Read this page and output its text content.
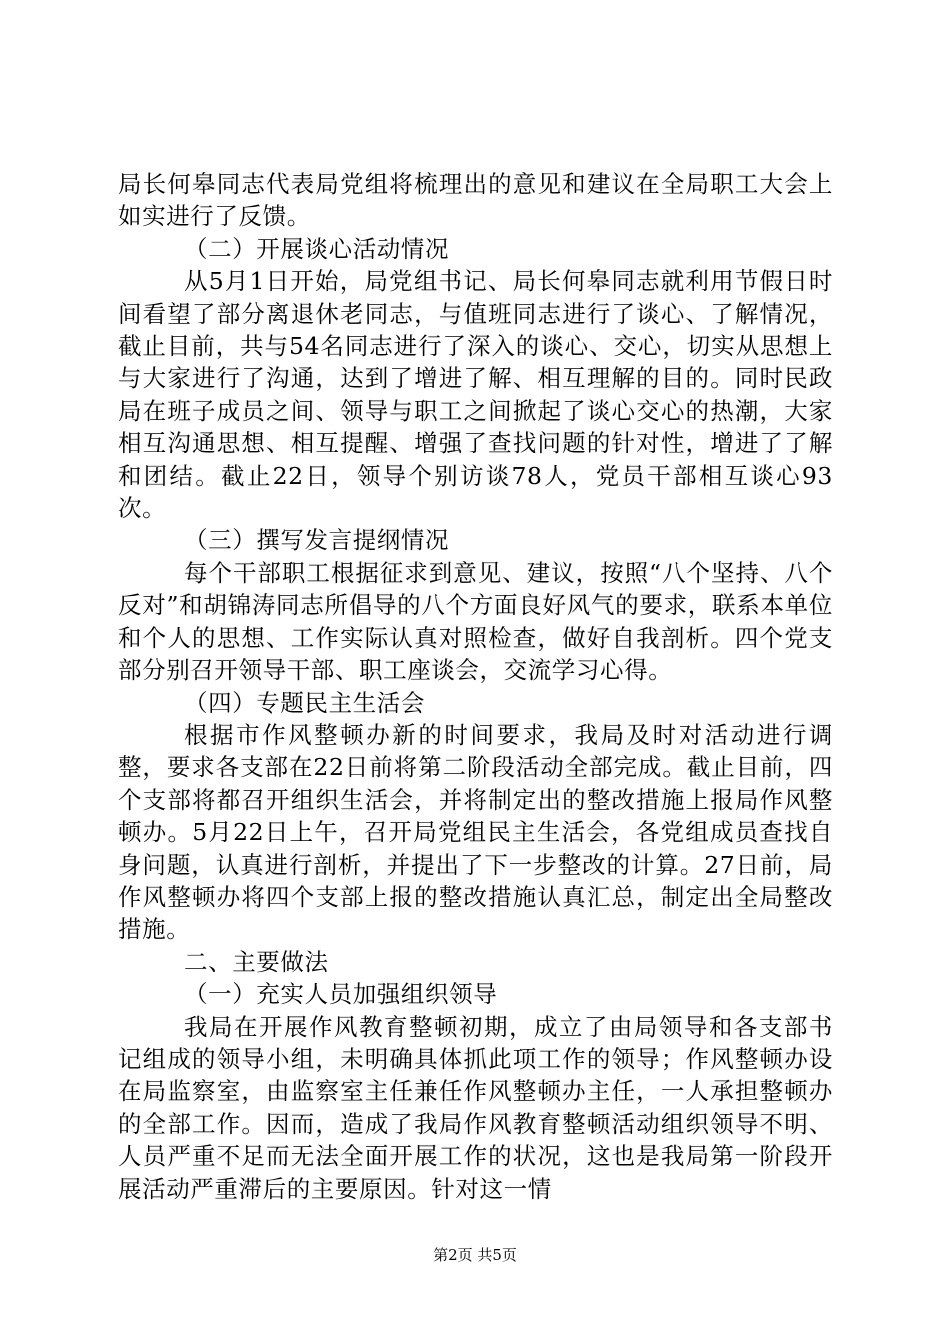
局长何皋同志代表局党组将梳理出的意见和建议在全局职工大会上如实进行了反馈。

（二）开展谈心活动情况

从5月1日开始，局党组书记、局长何皋同志就利用节假日时间看望了部分离退休老同志，与值班同志进行了谈心、了解情况，截止目前，共与54名同志进行了深入的谈心、交心，切实从思想上与大家进行了沟通，达到了增进了解、相互理解的目的。同时民政局在班子成员之间、领导与职工之间掀起了谈心交心的热潮，大家相互沟通思想、相互提醒、增强了查找问题的针对性，增进了了解和团结。截止22日，领导个别访谈78人，党员干部相互谈心93次。

（三）撰写发言提纲情况

每个干部职工根据征求到意见、建议，按照“八个坚持、八个反对”和胡锦涛同志所倡导的八个方面良好风气的要求，联系本单位和个人的思想、工作实际认真对照检查，做好自我剖析。四个党支部分别召开领导干部、职工座谈会，交流学习心得。

（四）专题民主生活会

根据市作风整顿办新的时间要求，我局及时对活动进行调整，要求各支部在22日前将第二阶段活动全部完成。截止目前，四个支部将都召开组织生活会，并将制定出的整改措施上报局作风整顿办。5月22日上午，召开局党组民主生活会，各党组成员查找自身问题，认真进行剖析，并提出了下一步整改的计算。27日前，局作风整顿办将四个支部上报的整改措施认真汇总，制定出全局整改措施。

二、主要做法

（一）充实人员加强组织领导

我局在开展作风教育整顿初期，成立了由局领导和各支部书记组成的领导小组，未明确具体抓此项工作的领导；作风整顿办设在局监察室，由监察室主任兼任作风整顿办主任，一人承担整顿办的全部工作。因而，造成了我局作风教育整顿活动组织领导不明、人员严重不足而无法全面开展工作的状况，这也是我局第一阶段开展活动严重滞后的主要原因。针对这一情

第2页 共5页
